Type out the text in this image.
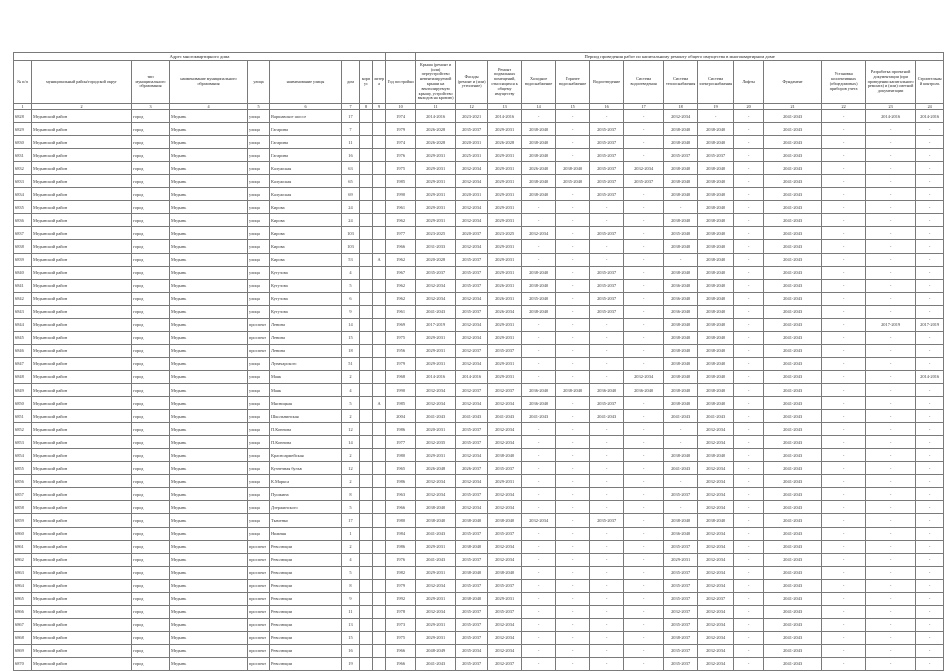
Адрес многоквартирного дома										Период проведения работ по капитальному ремонту общего имущества в многоквартирном доме													
№ п/п	муниципальный район/городской округ	тип муниципального образования	наименование муниципального образования	улица	наименование улицы	дом	корпус	литера	Год постройки	Крыша (ремонт и (или) переустройство невентилируемой крыши на вентилируемую крышу, устройство выходов на кровлю)	Фасады (ремонт и (или) утепление)	Ремонт подвальных помещений, относящихся к общему имуществу	Холодное водоснабжение	Горячее водоснабжение	Водоотведение	Система водоотведения	Система теплоснабжения	Система электроснабжения	Лифты	Фундамент	Установка коллективных (общедомовых) приборов учета	Разработка проектной документации (при проведении капитального ремонта) и (или) сметной документации	Строительный контроль
1	2	3	4	5	6	7	8	9	10	11	12	13	14	15	16	17	18	19	20	21	22	23	24
6828	Медынский район	город	Медынь	улица	Варшавское шоссе	17			1974	2014-2016	2023-2021	2014-2016	-	-	-	-	2032-2034	-	-	2041-2043	-	2014-2016	2014-2016
6829	Медынский район	город	Медынь	улица	Гагарина	7			1979	2026-2028	2035-2037	2029-2031	2038-2040	-	2035-2037	-	2038-2040	2038-2040	-	2041-2043	-	-	-
6830	Медынский район	город	Медынь	улица	Гагарина	11			1974	2026-2028	2020-2031	2026-2028	2038-2040	-	2035-2037	-	2038-2040	2038-2040	-	2041-2043	-	-	-
6831	Медынский район	город	Медынь	улица	Гагарина	16			1976	2029-2031	2025-2031	2029-2031	2038-2040	-	2035-2037	-	2035-2037	2035-2037	-	2041-2043	-	-	-
6832	Медынский район	город	Медынь	улица	Калужская	63			1975	2029-2031	2032-2034	2029-2031	2026-2040	2038-2040	2035-2037	2032-2034	2038-2040	2038-2040	-	2041-2043	-	-	-
6833	Медынский район	город	Медынь	улица	Калужская	65			1985	2029-2031	2032-2034	2029-2031	2038-2040	2035-2040	2035-2037	2035-2037	2038-2040	2038-2040	-	2041-2043	-	-	-
6834	Медынский район	город	Медынь	улица	Калужская	69			1990	2029-2031	2020-2031	2029-2031	2038-2040	-	2035-2037	-	2038-2040	2038-2040	-	2041-2043	-	-	-
6835	Медынский район	город	Медынь	улица	Кирова	24			1961	2029-2031	2032-2034	2029-2031	-	-	-	-	-	2038-2040	-	2041-2043	-	-	-
6836	Медынский район	город	Медынь	улица	Кирова	24			1962	2029-2031	2032-2034	2029-2031	-	-	-	-	2038-2040	2038-2040	-	2041-2043	-	-	-
6837	Медынский район	город	Медынь	улица	Кирова	103			1977	2023-2025	2020-2037	2023-2025	2032-2034	-	2035-2037	-	2035-2040	2038-2040	-	2041-2043	-	-	-
6838	Медынский район	город	Медынь	улица	Кирова	103			1966	2031-2033	2032-2034	2029-2031	-	-	-	-	2038-2040	2038-2040	-	2041-2043	-	-	-
6839	Медынский район	город	Медынь	улица	Кирова	53		А	1962	2020-2028	2035-2037	2029-2031	-	-	-	-	-	2038-2040	-	2041-2043	-	-	-
6840	Медынский район	город	Медынь	улица	Кутузова	4			1967	2035-2037	2035-2037	2029-2031	2038-2040	-	2035-2037	-	2038-2040	2038-2040	-	2041-2043	-	-	-
6841	Медынский район	город	Медынь	улица	Кутузова	5			1962	2032-2034	2035-2037	2026-2031	2038-2040	-	2035-2037	-	2036-2040	2038-2040	-	2041-2043	-	-	-
6842	Медынский район	город	Медынь	улица	Кутузова	6			1962	2032-2034	2032-2034	2026-2031	2035-2040	-	2035-2037	-	2036-2040	2038-2040	-	2041-2043	-	-	-
6843	Медынский район	город	Медынь	улица	Кутузова	9			1961	2041-2043	2035-2037	2026-2034	2038-2040	-	2035-2037	-	2036-2040	2038-2040	-	2041-2043	-	-	-
6844	Медынский район	город	Медынь	проспект	Ленина	14			1969	2017-2019	2032-2034	2029-2031	-	-	-	-	2038-2040	2038-2040	-	2041-2043	-	2017-2019	2017-2019
6845	Медынский район	город	Медынь	проспект	Ленина	15			1975	2029-2031	2032-2034	2029-2031	-	-	-	-	2038-2040	2038-2040	-	2041-2043	-	-	-
6846	Медынский район	город	Медынь	проспект	Ленина	18			1956	2029-2031	2032-2037	2035-2037	-	-	-	-	2038-2040	2038-2040	-	2041-2043	-	-	-
6847	Медынский район	город	Медынь	улица	Луначарского	51			1979	2029-2031	2032-2034	2029-2031	-	-	-	-	2038-2040	2038-2040	-	2041-2043	-	-	-
6848	Медынский район	город	Медынь	улица	Маяк	2			1968	2014-2016	2014-2016	2029-2031	-	-	-	2032-2034	2038-2040	2038-2040	-	2041-2043	-	-	2014-2016
6849	Медынский район	город	Медынь	улица	Маяк	4			1990	2032-2034	2032-2037	2032-2037	2036-2040	2038-2040	2036-2040	2036-2040	2038-2040	2038-2040	-	2041-2043	-	-	-
6850	Медынский район	город	Медынь	улица	Мясницкая	5		А	1985	2032-2034	2032-2034	2032-2034	2036-2040	-	2035-2037	-	2038-2040	2038-2040	-	2041-2043	-	-	-
6851	Медынский район	город	Медынь	улица	Школьнинская	2			2004	2041-2043	2041-2043	2041-2043	2041-2043	-	2041-2043	-	2041-2043	2041-2043	-	2041-2043	-	-	-
6852	Медынский район	город	Медынь	улица	П.Коннова	12			1986	2020-2031	2035-2037	2032-2034	-	-	-	-	-	2032-2034	-	2041-2043	-	-	-
6853	Медынский район	город	Медынь	улица	П.Коннова	14			1977	2032-2035	2035-2037	2032-2034	-	-	-	-	-	2032-2034	-	2041-2043	-	-	-
6854	Медынский район	город	Медынь	улица	Красноармейская	2			1980	2029-2031	2032-2034	2038-2040	-	-	-	-	2038-2040	2038-2040	-	2041-2043	-	-	-
6855	Медынский район	город	Медынь	улица	Кузнечная бульв	12			1965	2026-2048	2026-2037	2035-2037	-	-	-	-	2041-2043	2032-2034	-	2041-2043	-	-	-
6856	Медынский район	город	Медынь	улица	К.Маркса	2			1986	2032-2034	2032-2034	2029-2031	-	-	-	-	-	2032-2034	-	2041-2043	-	-	-
6857	Медынский район	город	Медынь	улица	Пушкина	8			1963	2032-2034	2035-2037	2032-2034	-	-	-	-	2035-2037	2032-2034	-	2041-2043	-	-	-
6858	Медынский район	город	Медынь	улица	Дзержинского	5			1966	2038-2040	2032-2034	2032-2034	-	-	-	-	-	2032-2034	-	2041-2043	-	-	-
6859	Медынский район	город	Медынь	улица	Ткаченко	17			1980	2038-2040	2038-2040	2038-2040	2032-2034	-	2035-2037	-	2038-2040	2038-2040	-	2041-2043	-	-	-
6860	Медынский район	город	Медынь	улица	Нижняя	1			1984	2041-2043	2035-2037	2035-2037	-	-	-	-	2036-2040	2032-2034	-	2041-2043	-	-	-
6861	Медынский район	город	Медынь	проспект	Революции	2			1986	2029-2031	2038-2040	2032-2034	-	-	-	-	2035-2037	2032-2034	-	2041-2043	-	-	-
6862	Медынский район	город	Медынь	проспект	Революции	4			1976	2041-2043	2035-2037	2032-2034	-	-	-	-	2029-2031	2032-2034	-	2041-2043	-	-	-
6863	Медынский район	город	Медынь	проспект	Революции	5			1982	2029-2031	2038-2040	2038-2040	-	-	-	-	2035-2037	2032-2034	-	2041-2043	-	-	-
6864	Медынский район	город	Медынь	проспект	Революции	8			1979	2032-2034	2035-2037	2035-2037	-	-	-	-	2035-2037	2032-2034	-	2041-2043	-	-	-
6865	Медынский район	город	Медынь	проспект	Революции	9			1992	2029-2031	2038-2040	2029-2031	-	-	-	-	2035-2037	2032-2037	-	2041-2043	-	-	-
6866	Медынский район	город	Медынь	проспект	Революции	11			1978	2032-2034	2035-2037	2035-2037	-	-	-	-	2032-2037	2032-2034	-	2041-2043	-	-	-
6867	Медынский район	город	Медынь	проспект	Революции	13			1973	2029-2031	2035-2037	2032-2034	-	-	-	-	2035-2037	2032-2034	-	2041-2043	-	-	-
6868	Медынский район	город	Медынь	проспект	Революции	15			1975	2029-2031	2035-2037	2032-2034	-	-	-	-	2038-2037	2032-2034	-	2041-2043	-	-	-
6869	Медынский район	город	Медынь	проспект	Революции	16			1966	2048-2049	2035-2034	2032-2034	-	-	-	-	2035-2037	2032-2034	-	2041-2043	-	-	-
6870	Медынский район	город	Медынь	проспект	Революции	19			1966	2041-2043	2035-2037	2032-2037	-	-	-	-	2035-2037	2032-2034	-	2041-2043	-	-	-
